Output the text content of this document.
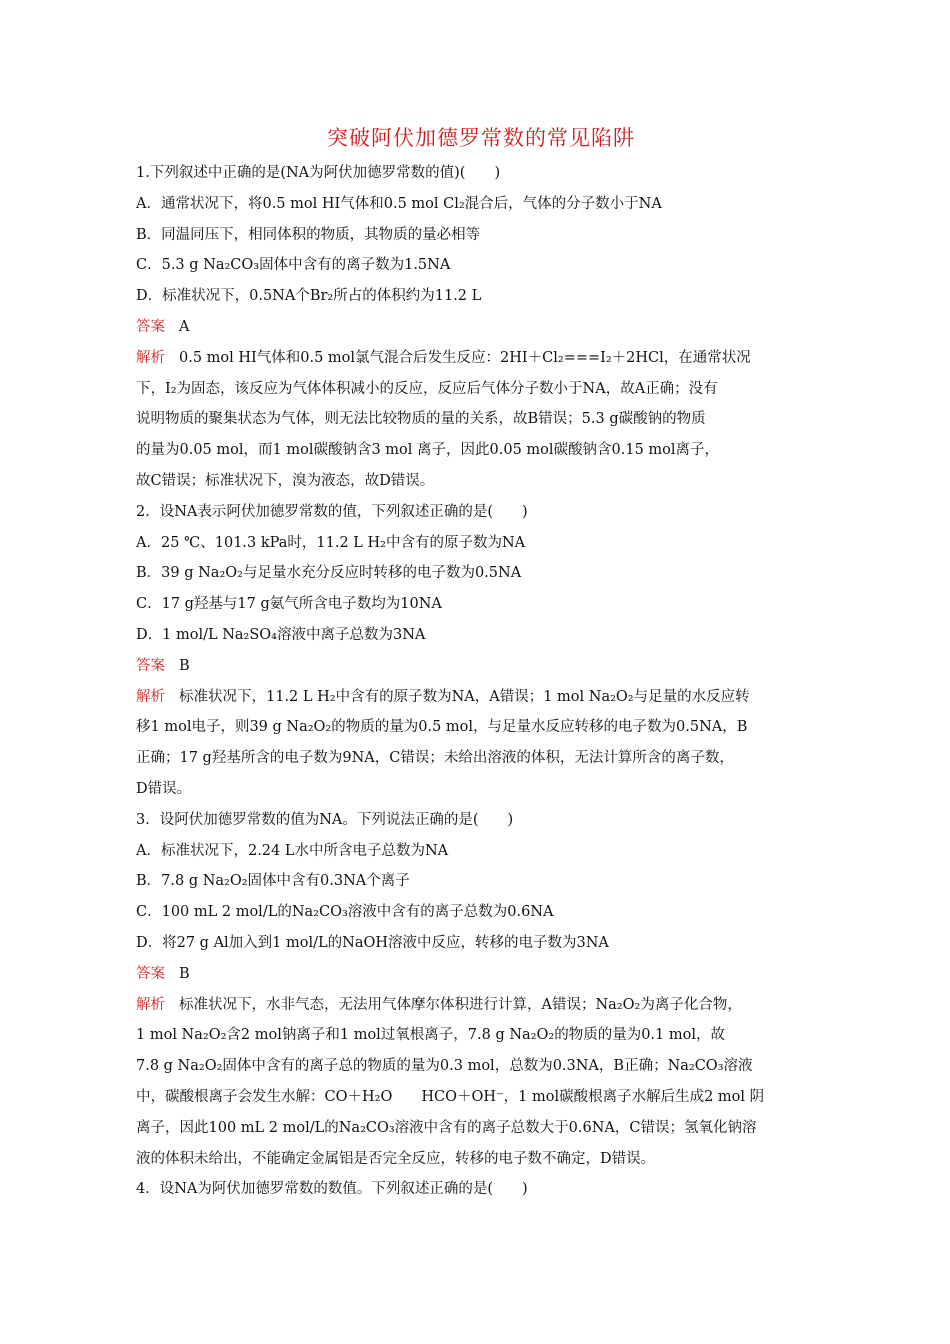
突破阿伏加德罗常数的常见陷阱
1.下列叙述中正确的是(NA为阿伏加德罗常数的值)(　　)
A．通常状况下，将0.5 mol HI气体和0.5 mol Cl₂混合后，气体的分子数小于NA
B．同温同压下，相同体积的物质，其物质的量必相等
C．5.3 g Na₂CO₃固体中含有的离子数为1.5NA
D．标准状况下，0.5NA个Br₂所占的体积约为11.2 L
答案 A
解析 0.5 mol HI气体和0.5 mol氯气混合后发生反应：2HI＋Cl₂===I₂＋2HCl，在通常状况
下，I₂为固态，该反应为气体体积减小的反应，反应后气体分子数小于NA，故A正确；没有
说明物质的聚集状态为气体，则无法比较物质的量的关系，故B错误；5.3 g碳酸钠的物质
的量为0.05 mol，而1 mol碳酸钠含3 mol 离子，因此0.05 mol碳酸钠含0.15 mol离子，
故C错误；标准状况下，溴为液态，故D错误。
2．设NA表示阿伏加德罗常数的值，下列叙述正确的是(　　)
A．25 ℃、101.3 kPa时，11.2 L H₂中含有的原子数为NA
B．39 g Na₂O₂与足量水充分反应时转移的电子数为0.5NA
C．17 g羟基与17 g氨气所含电子数均为10NA
D．1 mol/L Na₂SO₄溶液中离子总数为3NA
答案 B
解析 标准状况下，11.2 L H₂中含有的原子数为NA，A错误；1 mol Na₂O₂与足量的水反应转
移1 mol电子，则39 g Na₂O₂的物质的量为0.5 mol，与足量水反应转移的电子数为0.5NA，B
正确；17 g羟基所含的电子数为9NA，C错误；未给出溶液的体积，无法计算所含的离子数，
D错误。
3．设阿伏加德罗常数的值为NA。下列说法正确的是(　　)
A．标准状况下，2.24 L水中所含电子总数为NA
B．7.8 g Na₂O₂固体中含有0.3NA个离子
C．100 mL 2 mol/L的Na₂CO₃溶液中含有的离子总数为0.6NA
D．将27 g Al加入到1 mol/L的NaOH溶液中反应，转移的电子数为3NA
答案 B
解析 标准状况下，水非气态，无法用气体摩尔体积进行计算，A错误；Na₂O₂为离子化合物，
1 mol Na₂O₂含2 mol钠离子和1 mol过氧根离子，7.8 g Na₂O₂的物质的量为0.1 mol，故
7.8 g Na₂O₂固体中含有的离子总的物质的量为0.3 mol，总数为0.3NA，B正确；Na₂CO₃溶液
中，碳酸根离子会发生水解：CO＋H₂O　　HCO＋OH⁻，1 mol碳酸根离子水解后生成2 mol 阴
离子，因此100 mL 2 mol/L的Na₂CO₃溶液中含有的离子总数大于0.6NA，C错误；氢氧化钠溶
液的体积未给出，不能确定金属铝是否完全反应，转移的电子数不确定，D错误。
4．设NA为阿伏加德罗常数的数值。下列叙述正确的是(　　)
